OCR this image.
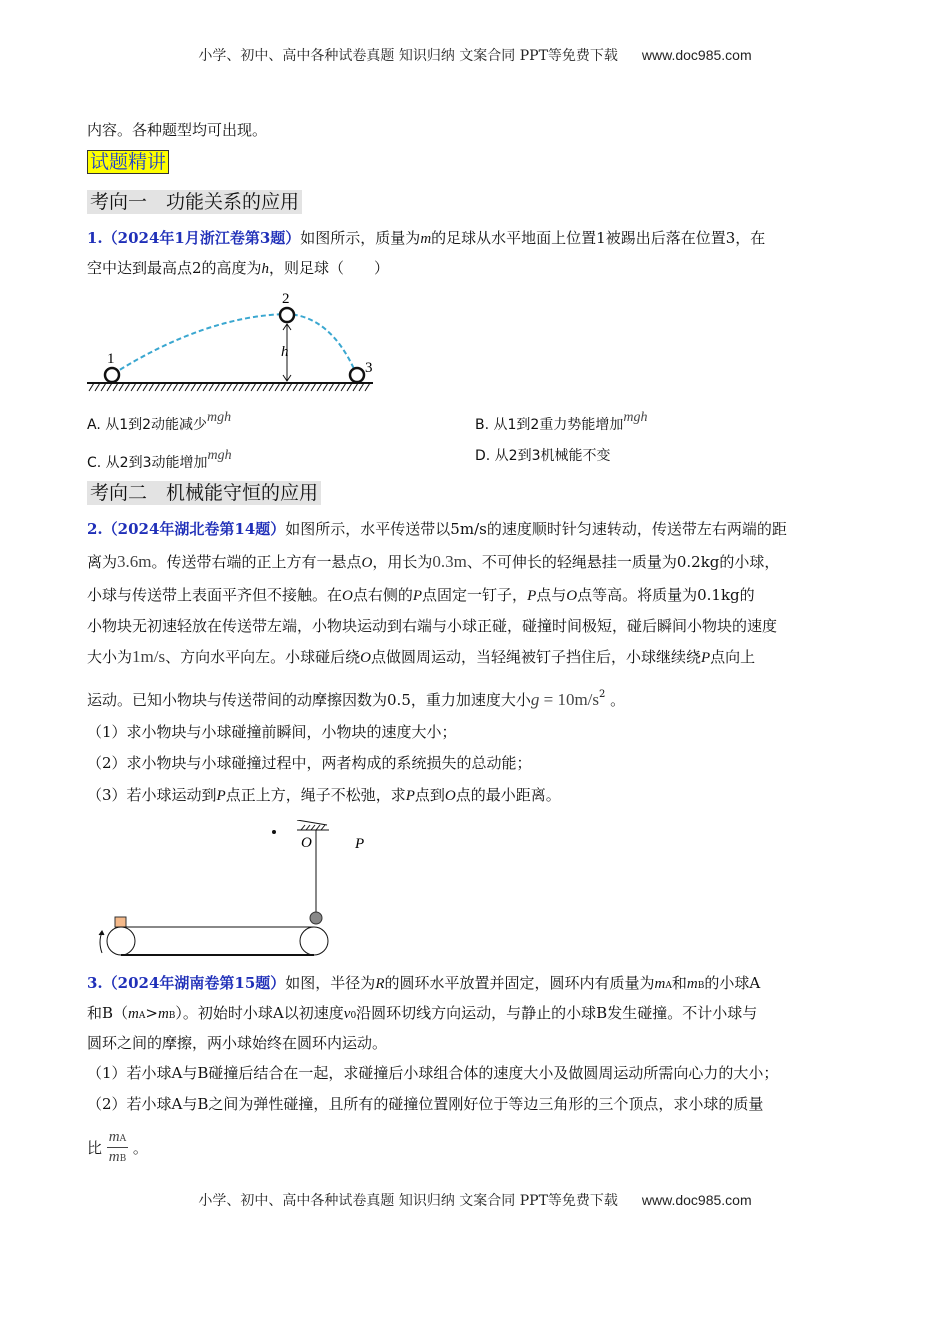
小学、初中、高中各种试卷真题 知识归纳 文案合同 PPT等免费下载 www.doc985.com
内容。各种题型均可出现。
试题精讲
考向一　功能关系的应用
1.（2024年1月浙江卷第3题）如图所示，质量为m的足球从水平地面上位置1被踢出后落在位置3，在
空中达到最高点2的高度为h，则足球（　　）
1
2
3
h
A. 从1到2动能减少mgh	B. 从1到2重力势能增加mgh
C. 从2到3动能增加mgh	D. 从2到3机械能不变
考向二　机械能守恒的应用
2.（2024年湖北卷第14题）如图所示，水平传送带以5m/s的速度顺时针匀速转动，传送带左右两端的距
离为3.6m。传送带右端的正上方有一悬点O，用长为0.3m、不可伸长的轻绳悬挂一质量为0.2kg的小球，
小球与传送带上表面平齐但不接触。在O点右侧的P点固定一钉子，P点与O点等高。将质量为0.1kg的
小物块无初速轻放在传送带左端，小物块运动到右端与小球正碰，碰撞时间极短，碰后瞬间小物块的速度
大小为1m/s、方向水平向左。小球碰后绕O点做圆周运动，当轻绳被钉子挡住后，小球继续绕P点向上
运动。已知小物块与传送带间的动摩擦因数为0.5，重力加速度大小$g = 10m/s^2$ 。
（1）求小物块与小球碰撞前瞬间，小物块的速度大小；
（2）求小物块与小球碰撞过程中，两者构成的系统损失的总动能；
（3）若小球运动到P点正上方，绳子不松弛，求P点到O点的最小距离。
O	P
3.（2024年湖南卷第15题）如图，半径为R的圆环水平放置并固定，圆环内有质量为mA和mB的小球A
和B（mA>mB）。初始时小球A以初速度v0沿圆环切线方向运动，与静止的小球B发生碰撞。不计小球与
圆环之间的摩擦，两小球始终在圆环内运动。
（1）若小球A与B碰撞后结合在一起，求碰撞后小球组合体的速度大小及做圆周运动所需向心力的大小；
（2）若小球A与B之间为弹性碰撞，且所有的碰撞位置刚好位于等边三角形的三个顶点，求小球的质量
比 $\frac{mA}{mB}$ 。
小学、初中、高中各种试卷真题 知识归纳 文案合同 PPT等免费下载 www.doc985.com
